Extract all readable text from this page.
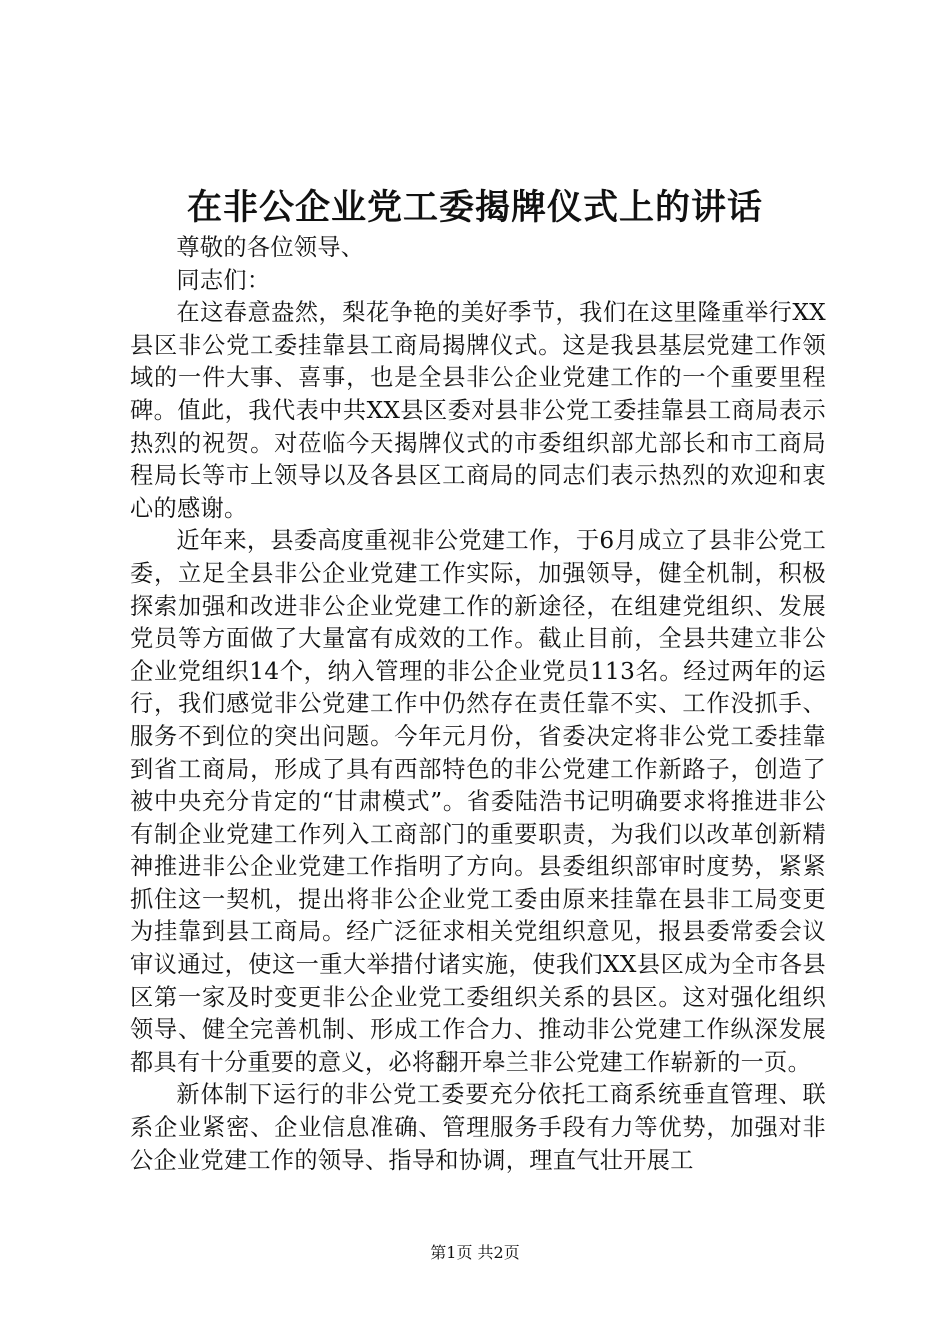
在非公企业党工委揭牌仪式上的讲话

尊敬的各位领导、

同志们：

在这春意盎然，梨花争艳的美好季节，我们在这里隆重举行XX县区非公党工委挂靠县工商局揭牌仪式。这是我县基层党建工作领域的一件大事、喜事，也是全县非公企业党建工作的一个重要里程碑。值此，我代表中共XX县区委对县非公党工委挂靠县工商局表示热烈的祝贺。对莅临今天揭牌仪式的市委组织部尤部长和市工商局程局长等市上领导以及各县区工商局的同志们表示热烈的欢迎和衷心的感谢。

近年来，县委高度重视非公党建工作，于6月成立了县非公党工委，立足全县非公企业党建工作实际，加强领导，健全机制，积极探索加强和改进非公企业党建工作的新途径，在组建党组织、发展党员等方面做了大量富有成效的工作。截止目前，全县共建立非公企业党组织14个，纳入管理的非公企业党员113名。经过两年的运行，我们感觉非公党建工作中仍然存在责任靠不实、工作没抓手、服务不到位的突出问题。今年元月份，省委决定将非公党工委挂靠到省工商局，形成了具有西部特色的非公党建工作新路子，创造了被中央充分肯定的“甘肃模式”。省委陆浩书记明确要求将推进非公有制企业党建工作列入工商部门的重要职责，为我们以改革创新精神推进非公企业党建工作指明了方向。县委组织部审时度势，紧紧抓住这一契机，提出将非公企业党工委由原来挂靠在县非工局变更为挂靠到县工商局。经广泛征求相关党组织意见，报县委常委会议审议通过，使这一重大举措付诸实施，使我们XX县区成为全市各县区第一家及时变更非公企业党工委组织关系的县区。这对强化组织领导、健全完善机制、形成工作合力、推动非公党建工作纵深发展都具有十分重要的意义，必将翻开皋兰非公党建工作崭新的一页。

新体制下运行的非公党工委要充分依托工商系统垂直管理、联系企业紧密、企业信息准确、管理服务手段有力等优势，加强对非公企业党建工作的领导、指导和协调，理直气壮开展工

第1页 共2页
